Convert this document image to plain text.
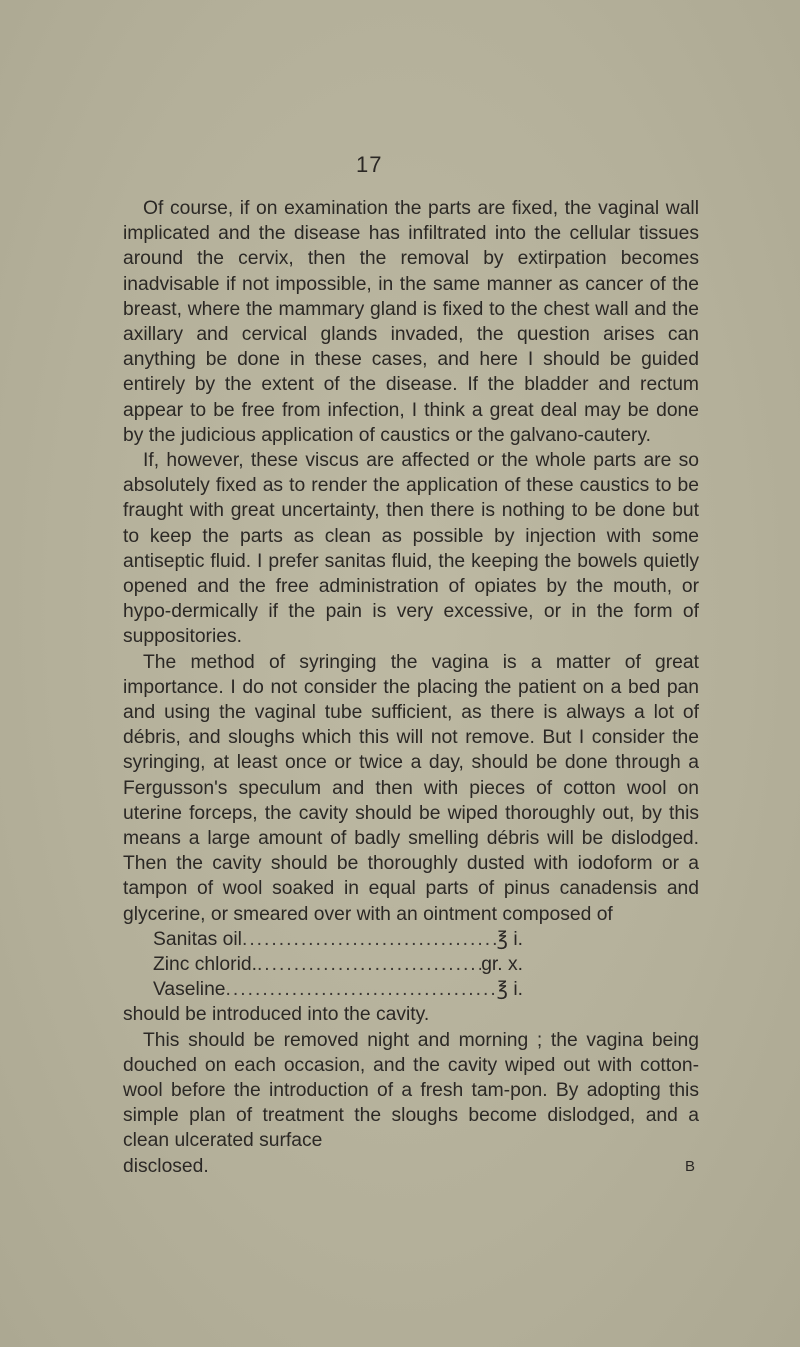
17

Of course, if on examination the parts are fixed, the vaginal wall implicated and the disease has infiltrated into the cellular tissues around the cervix, then the removal by extirpation becomes inadvisable if not impossible, in the same manner as cancer of the breast, where the mammary gland is fixed to the chest wall and the axillary and cervical glands invaded, the question arises can anything be done in these cases, and here I should be guided entirely by the extent of the disease. If the bladder and rectum appear to be free from infection, I think a great deal may be done by the judicious application of caustics or the galvano-cautery.

If, however, these viscus are affected or the whole parts are so absolutely fixed as to render the application of these caustics to be fraught with great uncertainty, then there is nothing to be done but to keep the parts as clean as possible by injection with some antiseptic fluid. I prefer sanitas fluid, the keeping the bowels quietly opened and the free administration of opiates by the mouth, or hypo-dermically if the pain is very excessive, or in the form of suppositories.

The method of syringing the vagina is a matter of great importance. I do not consider the placing the patient on a bed pan and using the vaginal tube sufficient, as there is always a lot of débris, and sloughs which this will not remove. But I consider the syringing, at least once or twice a day, should be done through a Fergusson's speculum and then with pieces of cotton wool on uterine forceps, the cavity should be wiped thoroughly out, by this means a large amount of badly smelling débris will be dislodged. Then the cavity should be thoroughly dusted with iodoform or a tampon of wool soaked in equal parts of pinus canadensis and glycerine, or smeared over with an ointment composed of

Sanitas oil .....	℥ i.
Zinc chlorid. .....	gr. x.
Vaseline .....	℥ i.

should be introduced into the cavity.

This should be removed night and morning ; the vagina being douched on each occasion, and the cavity wiped out with cotton-wool before the introduction of a fresh tam-pon. By adopting this simple plan of treatment the sloughs become dislodged, and a clean ulcerated surface

disclosed.	B
